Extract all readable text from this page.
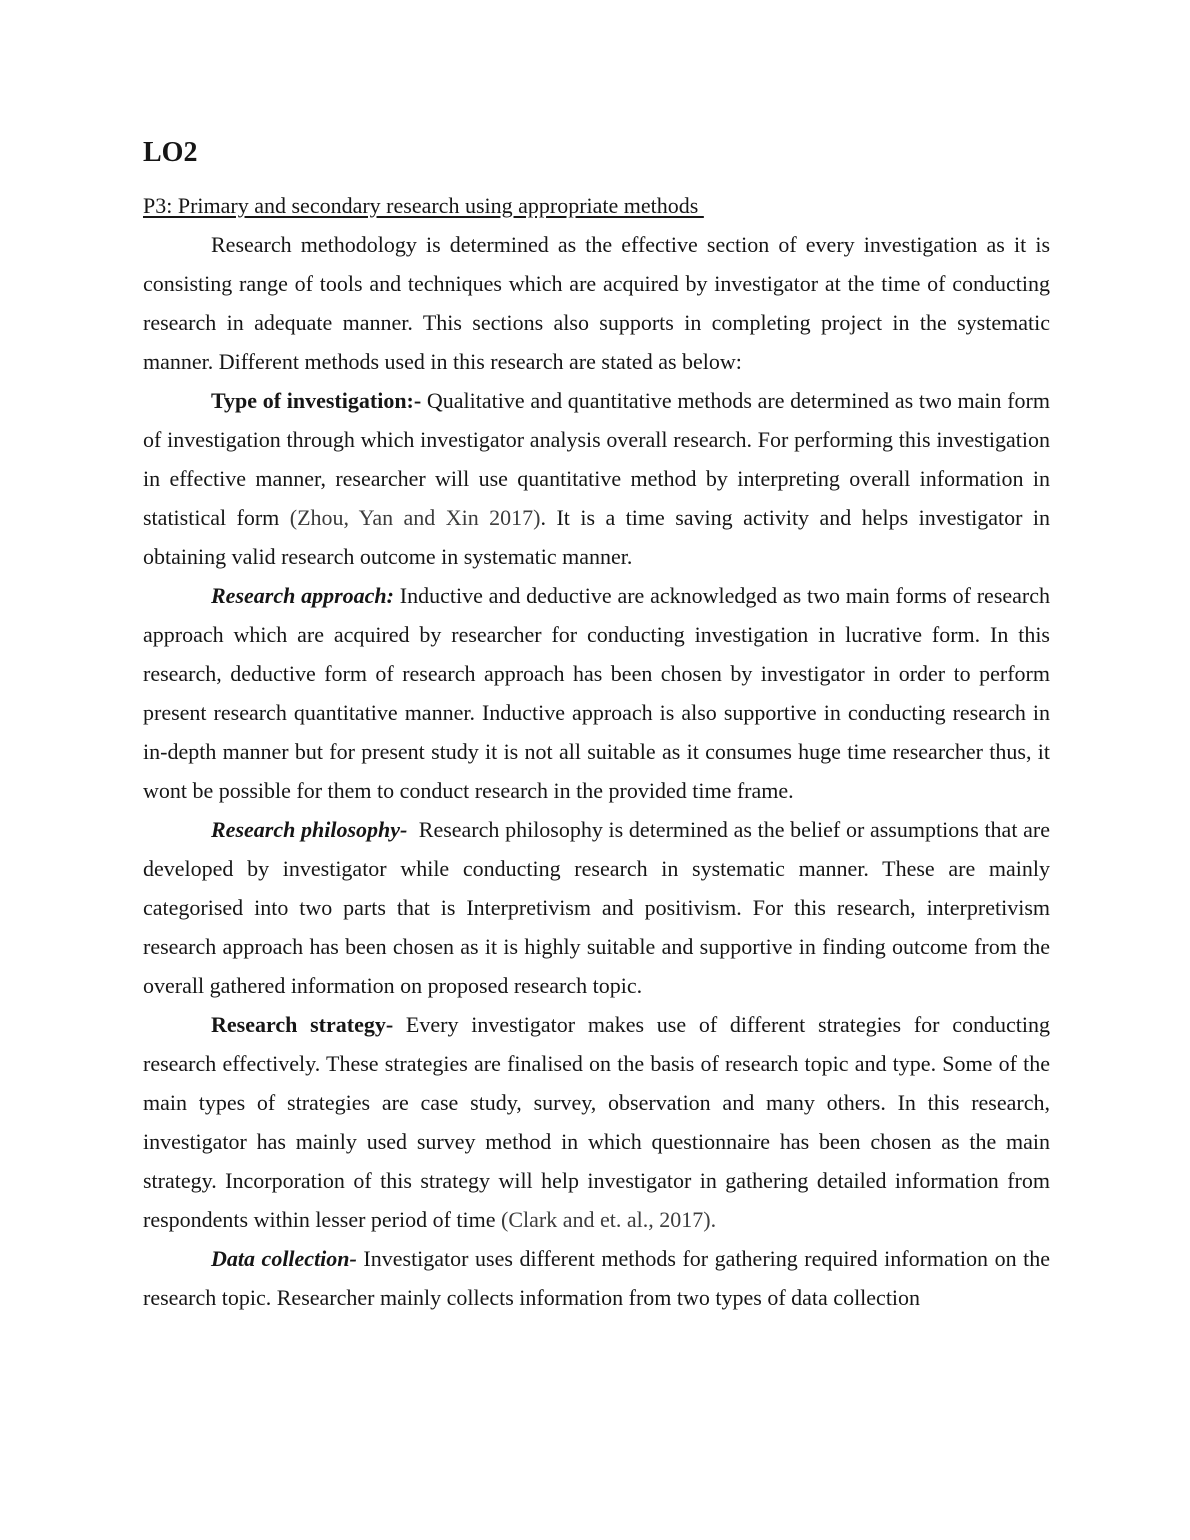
LO2
P3: Primary and secondary research using appropriate methods

Research methodology is determined as the effective section of every investigation as it is consisting range of tools and techniques which are acquired by investigator at the time of conducting research in adequate manner. This sections also supports in completing project in the systematic manner. Different methods used in this research are stated as below:

Type of investigation:- Qualitative and quantitative methods are determined as two main form of investigation through which investigator analysis overall research. For performing this investigation in effective manner, researcher will use quantitative method by interpreting overall information in statistical form (Zhou, Yan and Xin 2017). It is a time saving activity and helps investigator in obtaining valid research outcome in systematic manner.

Research approach: Inductive and deductive are acknowledged as two main forms of research approach which are acquired by researcher for conducting investigation in lucrative form. In this research, deductive form of research approach has been chosen by investigator in order to perform present research quantitative manner. Inductive approach is also supportive in conducting research in in-depth manner but for present study it is not all suitable as it consumes huge time researcher thus, it wont be possible for them to conduct research in the provided time frame.

Research philosophy-  Research philosophy is determined as the belief or assumptions that are developed by investigator while conducting research in systematic manner. These are mainly categorised into two parts that is Interpretivism and positivism. For this research, interpretivism research approach has been chosen as it is highly suitable and supportive in finding outcome from the overall gathered information on proposed research topic.

Research strategy- Every investigator makes use of different strategies for conducting research effectively. These strategies are finalised on the basis of research topic and type. Some of the main types of strategies are case study, survey, observation and many others. In this research, investigator has mainly used survey method in which questionnaire has been chosen as the main strategy. Incorporation of this strategy will help investigator in gathering detailed information from respondents within lesser period of time (Clark and et. al., 2017).

Data collection- Investigator uses different methods for gathering required information on the research topic. Researcher mainly collects information from two types of data collection
